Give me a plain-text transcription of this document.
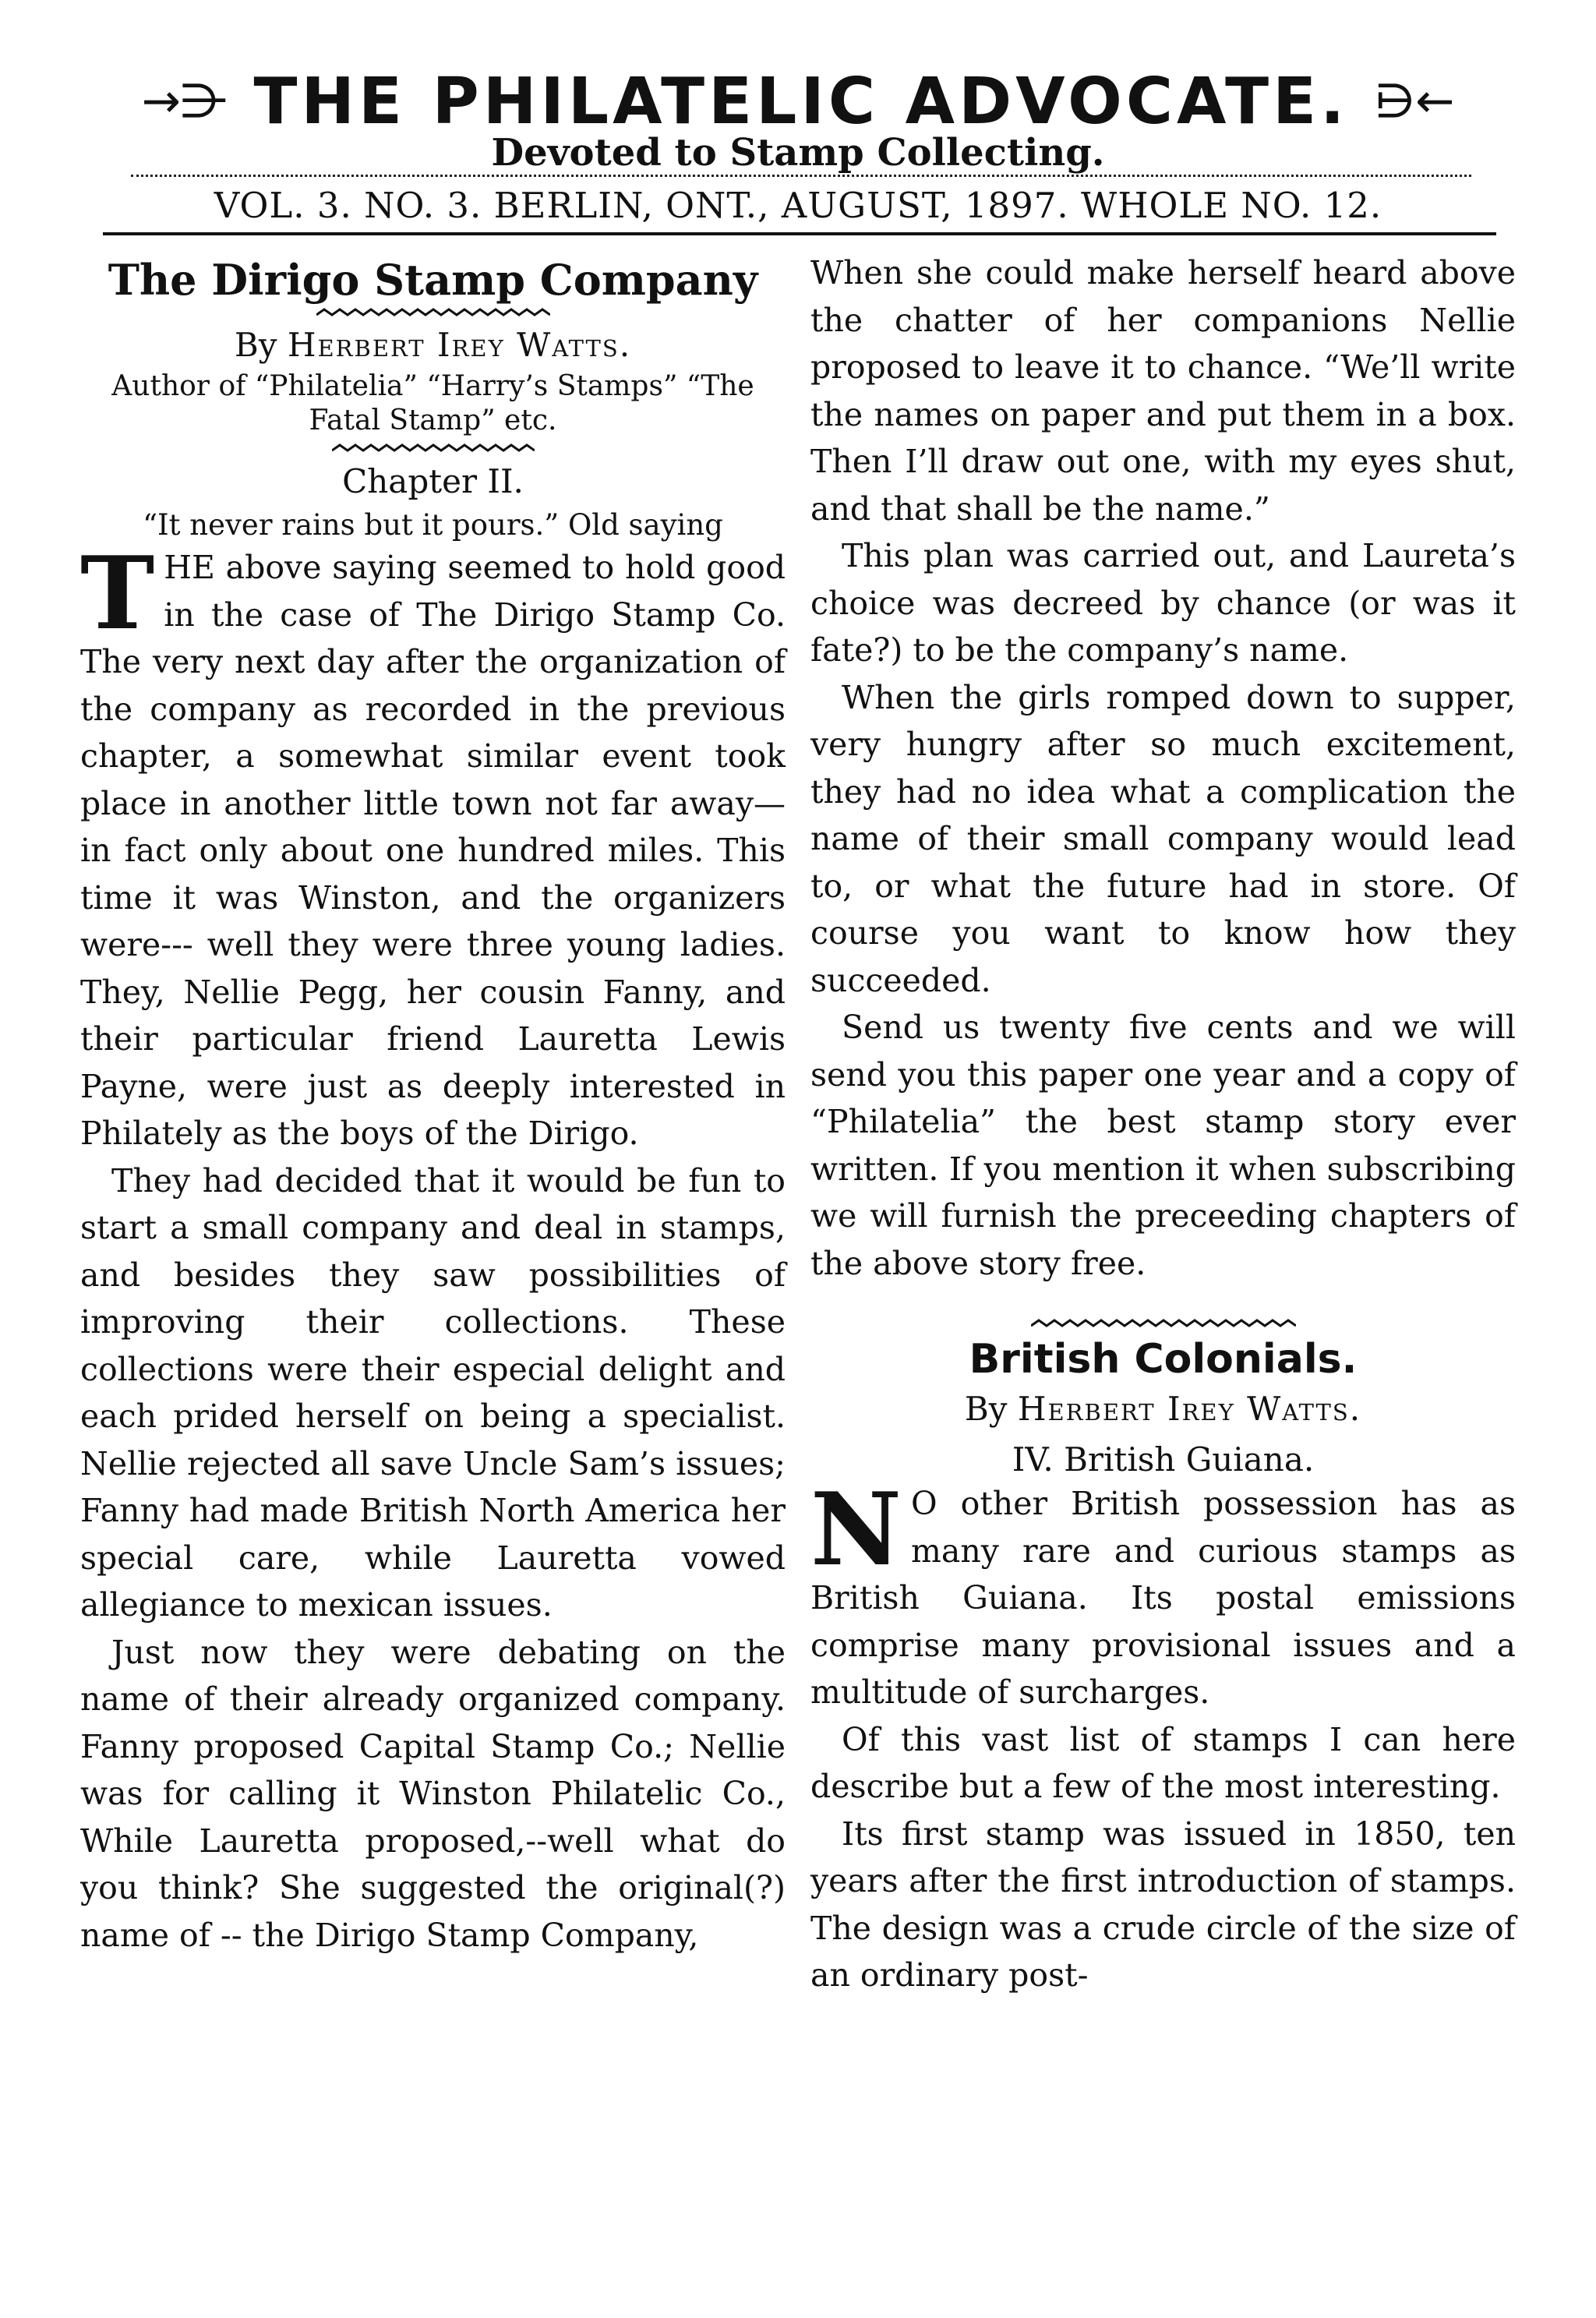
→⋺ THE PHILATELIC ADVOCATE. ⋻←
Devoted to Stamp Collecting.
VOL. 3. NO. 3. BERLIN, ONT., AUGUST, 1897. WHOLE NO. 12.
The Dirigo Stamp Company
By Herbert Irey Watts.
Author of “Philatelia” “Harry’s Stamps” “The Fatal Stamp” etc.
Chapter II.
“It never rains but it pours.” Old saying

THE above saying seemed to hold good in the case of The Dirigo Stamp Co. The very next day after the organization of the company as recorded in the previous chapter, a somewhat similar event took place in another little town not far away—in fact only about one hundred miles. This time it was Winston, and the organizers were--- well they were three young ladies. They, Nellie Pegg, her cousin Fanny, and their particular friend Lauretta Lewis Payne, were just as deeply interested in Philately as the boys of the Dirigo.

They had decided that it would be fun to start a small company and deal in stamps, and besides they saw possibilities of improving their collections. These collections were their especial delight and each prided herself on being a specialist. Nellie rejected all save Uncle Sam’s issues; Fanny had made British North America her special care, while Lauretta vowed allegiance to mexican issues.

Just now they were debating on the name of their already organized company. Fanny proposed Capital Stamp Co.; Nellie was for calling it Winston Philatelic Co., While Lauretta proposed,--well what do you think? She suggested the original(?) name of -- the Dirigo Stamp Company,

When she could make herself heard above the chatter of her companions Nellie proposed to leave it to chance. “We’ll write the names on paper and put them in a box. Then I’ll draw out one, with my eyes shut, and that shall be the name.”

This plan was carried out, and Laureta’s choice was decreed by chance (or was it fate?) to be the company’s name.

When the girls romped down to supper, very hungry after so much excitement, they had no idea what a complication the name of their small company would lead to, or what the future had in store. Of course you want to know how they succeeded.

Send us twenty five cents and we will send you this paper one year and a copy of “Philatelia” the best stamp story ever written. If you mention it when subscribing we will furnish the preceeding chapters of the above story free.

British Colonials.
By Herbert Irey Watts.
IV. British Guiana.

N O other British possession has as many rare and curious stamps as British Guiana. Its postal emissions comprise many provisional issues and a multitude of surcharges.

Of this vast list of stamps I can here describe but a few of the most interesting.

Its first stamp was issued in 1850, ten years after the first introduction of stamps. The design was a crude circle of the size of an ordinary post-
